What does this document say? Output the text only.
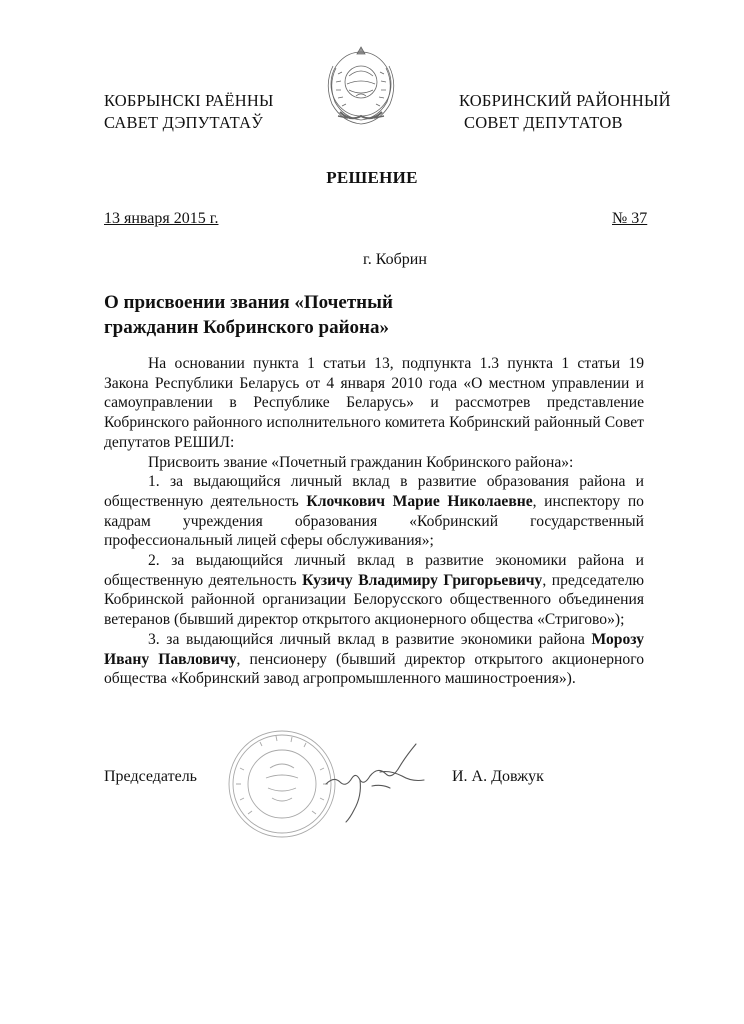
КОБРЫНСКІ РАЁННЫ
САВЕТ ДЭПУТАТАЎ
КОБРИНСКИЙ РАЙОННЫЙ
СОВЕТ ДЕПУТАТОВ
РЕШЕНИЕ
13 января 2015 г.	№ 37
г. Кобрин
О присвоении звания «Почетный
гражданин Кобринского района»

На основании пункта 1 статьи 13, подпункта 1.3 пункта 1 статьи 19 Закона Республики Беларусь от 4 января 2010 года «О местном управлении и самоуправлении в Республике Беларусь» и рассмотрев представление Кобринского районного исполнительного комитета Кобринский районный Совет депутатов РЕШИЛ:

Присвоить звание «Почетный гражданин Кобринского района»:

1. за выдающийся личный вклад в развитие образования района и общественную деятельность Клочкович Марие Николаевне, инспектору по кадрам учреждения образования «Кобринский государственный профессиональный лицей сферы обслуживания»;

2. за выдающийся личный вклад в развитие экономики района и общественную деятельность Кузичу Владимиру Григорьевичу, председателю Кобринской районной организации Белорусского общественного объединения ветеранов (бывший директор открытого акционерного общества «Стригово»);

3. за выдающийся личный вклад в развитие экономики района Морозу Ивану Павловичу, пенсионеру (бывший директор открытого акционерного общества «Кобринский завод агропромышленного машиностроения»).

Председатель	И. А. Довжук
